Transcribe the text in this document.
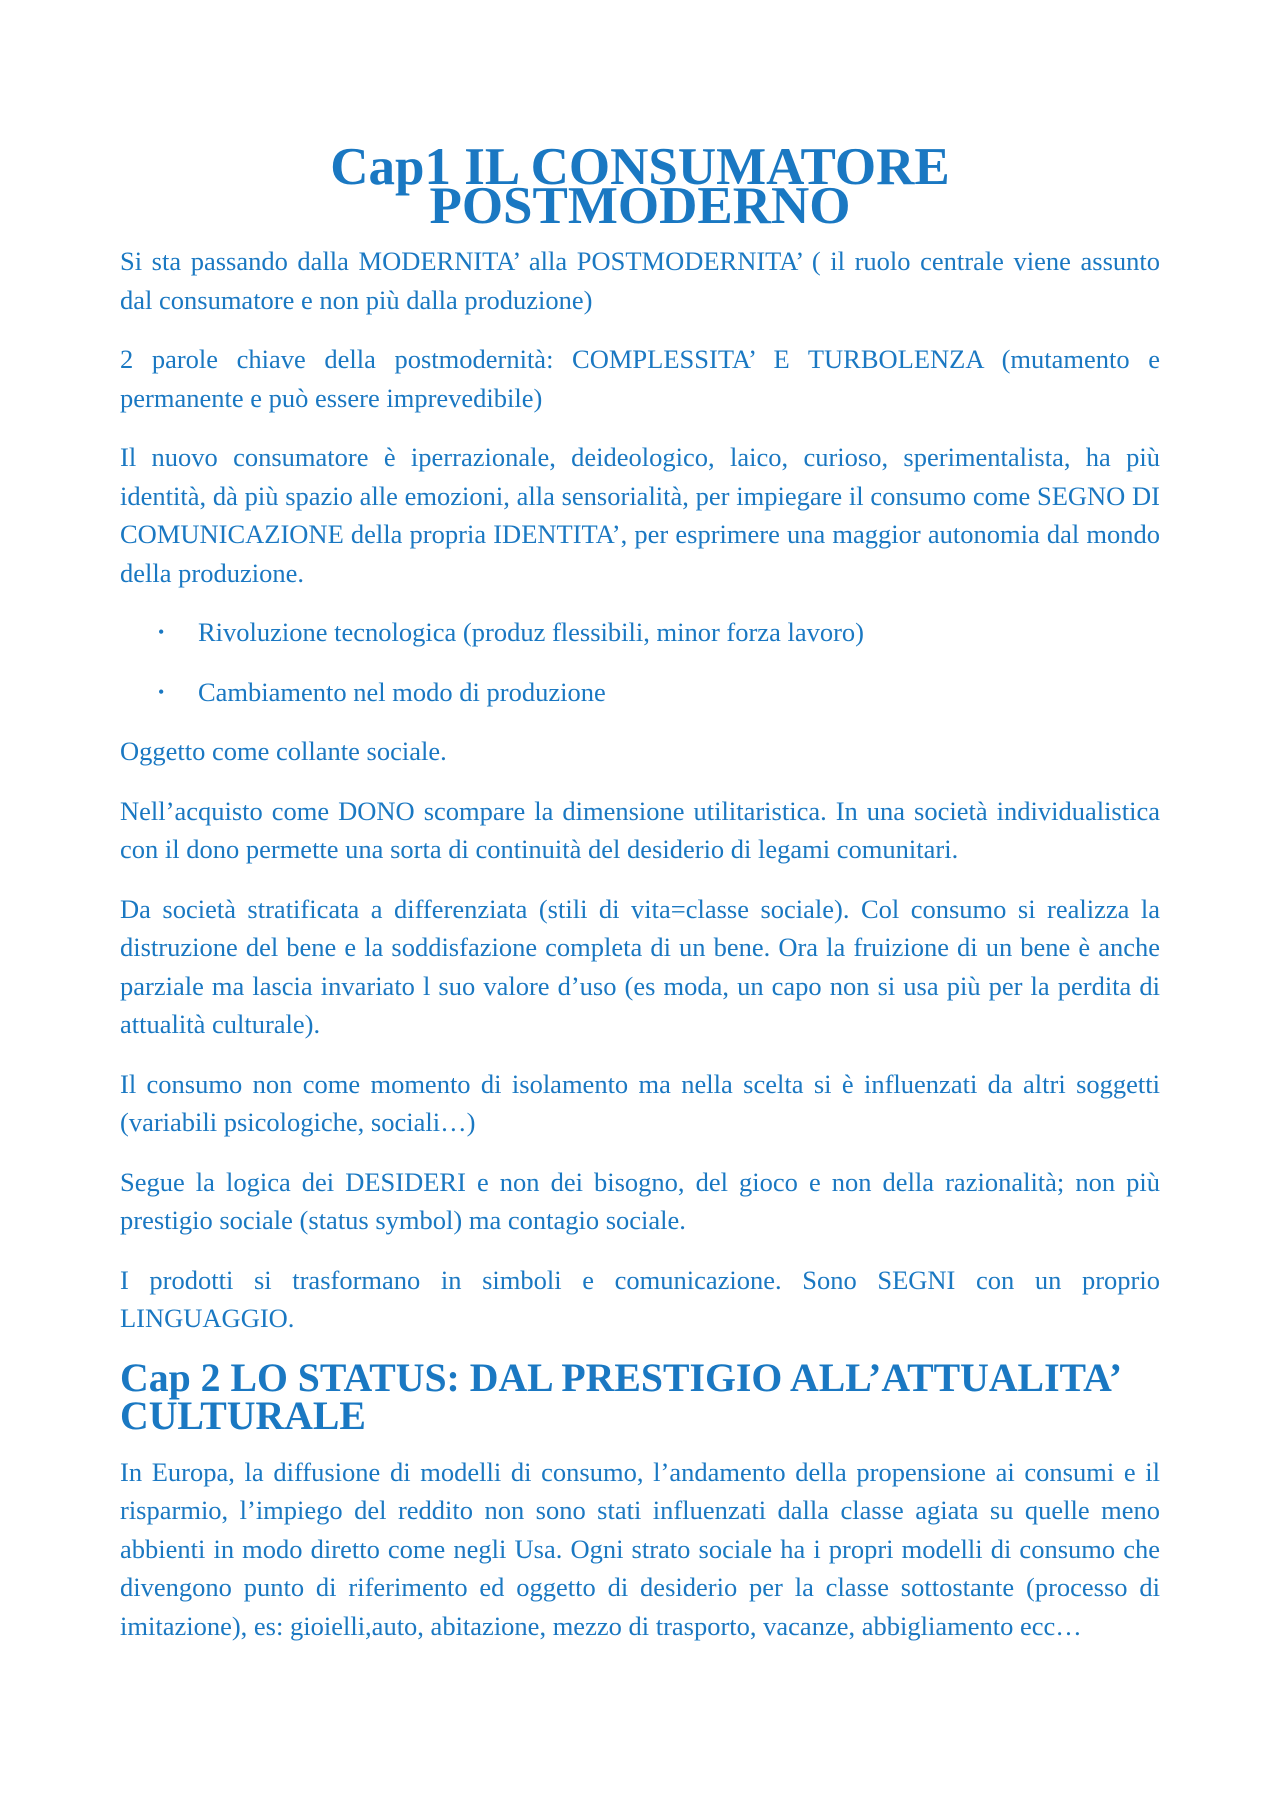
Cap1 IL CONSUMATORE POSTMODERNO

Si sta passando dalla MODERNITA’ alla POSTMODERNITA’ ( il ruolo centrale viene assunto dal consumatore e non più dalla produzione)

2 parole chiave della postmodernità: COMPLESSITA’ E TURBOLENZA (mutamento e permanente e può essere imprevedibile)

Il nuovo consumatore è iperrazionale, deideologico, laico, curioso, sperimentalista, ha più identità, dà più spazio alle emozioni, alla sensorialità, per impiegare il consumo come SEGNO DI COMUNICAZIONE della propria IDENTITA’, per esprimere una maggior autonomia dal mondo della produzione.

• Rivoluzione tecnologica (produz flessibili, minor forza lavoro)
• Cambiamento nel modo di produzione

Oggetto come collante sociale.

Nell’acquisto come DONO scompare la dimensione utilitaristica. In una società individualistica con il dono permette una sorta di continuità del desiderio di legami comunitari.

Da società stratificata a differenziata (stili di vita=classe sociale). Col consumo si realizza la distruzione del bene e la soddisfazione completa di un bene. Ora la fruizione di un bene è anche parziale ma lascia invariato l suo valore d’uso (es moda, un capo non si usa più per la perdita di attualità culturale).

Il consumo non come momento di isolamento ma nella scelta si è influenzati da altri soggetti (variabili psicologiche, sociali…)

Segue la logica dei DESIDERI e non dei bisogno, del gioco e non della razionalità; non più prestigio sociale (status symbol) ma contagio sociale.

I prodotti si trasformano in simboli e comunicazione. Sono SEGNI con un proprio LINGUAGGIO.

Cap 2 LO STATUS: DAL PRESTIGIO ALL’ATTUALITA’ CULTURALE

In Europa, la diffusione di modelli di consumo, l’andamento della propensione ai consumi e il risparmio, l’impiego del reddito non sono stati influenzati dalla classe agiata su quelle meno abbienti in modo diretto come negli Usa. Ogni strato sociale ha i propri modelli di consumo che divengono punto di riferimento ed oggetto di desiderio per la classe sottostante (processo di imitazione), es: gioielli,auto, abitazione, mezzo di trasporto, vacanze, abbigliamento ecc…
